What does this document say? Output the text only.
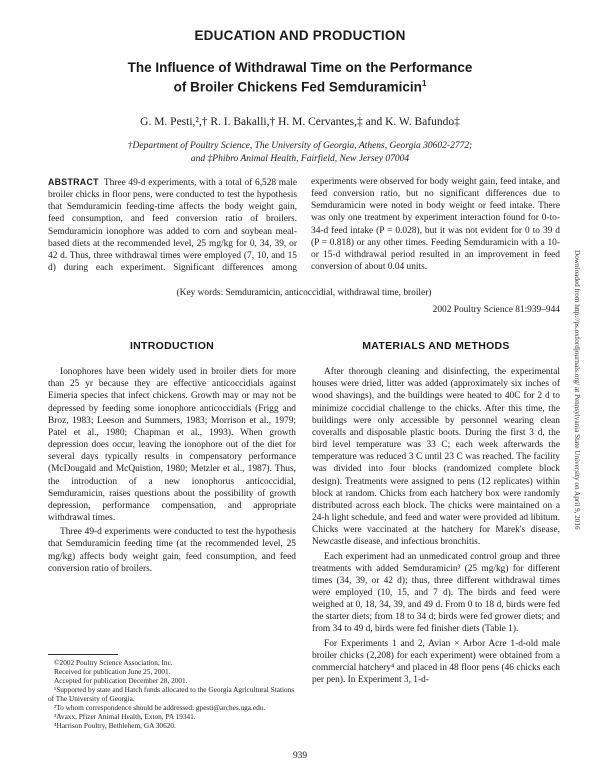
EDUCATION AND PRODUCTION
The Influence of Withdrawal Time on the Performance
of Broiler Chickens Fed Semduramicin$^1$
G. M. Pesti,²,† R. I. Bakalli,† H. M. Cervantes,‡ and K. W. Bafundo‡
†Department of Poultry Science, The University of Georgia, Athens, Georgia 30602-2772;
and ‡Phibro Animal Health, Fairfield, New Jersey 07004
ABSTRACT Three 49-d experiments, with a total of 6,528 male broiler chicks in floor pens, were conducted to test the hypothesis that Semduramicin feeding-time affects the body weight gain, feed consumption, and feed conversion ratio of broilers. Semduramicin ionophore was added to corn and soybean meal-based diets at the recommended level, 25 mg/kg for 0, 34, 39, or 42 d. Thus, three withdrawal times were employed (7, 10, and 15 d) during each experiment. Significant differences among experiments were observed for body weight gain, feed intake, and feed conversion ratio, but no significant differences due to Semduramicin were noted in body weight or feed intake. There was only one treatment by experiment interaction found for 0-to-34-d feed intake (P = 0.028), but it was not evident for 0 to 39 d (P = 0.818) or any other times. Feeding Semduramicin with a 10- or 15-d withdrawal period resulted in an improvement in feed conversion of about 0.04 units.
(Key words: Semduramicin, anticoccidial, withdrawal time, broiler)
2002 Poultry Science 81:939–944
INTRODUCTION

Ionophores have been widely used in broiler diets for more than 25 yr because they are effective anticoccidials against Eimeria species that infect chickens. Growth may or may not be depressed by feeding some ionophore anticoccidials (Frigg and Broz, 1983; Leeson and Summers, 1983; Morrison et al., 1979; Patel et al., 1980; Chapman et al., 1993). When growth depression does occur, leaving the ionophore out of the diet for several days typically results in compensatory performance (McDougald and McQuistion, 1980; Metzler et al., 1987). Thus, the introduction of a new ionophorus anticoccidial, Semduramicin, raises questions about the possibility of growth depression, performance compensation, and appropriate withdrawal times.

Three 49-d experiments were conducted to test the hypothesis that Semduramicin feeding time (at the recommended level, 25 mg/kg) affects body weight gain, feed consumption, and feed conversion ratio of broilers.

MATERIALS AND METHODS

After thorough cleaning and disinfecting, the experimental houses were dried, litter was added (approximately six inches of wood shavings), and the buildings were heated to 40C for 2 d to minimize coccidial challenge to the chicks. After this time, the buildings were only accessible by personnel wearing clean coveralls and disposable plastic boots. During the first 3 d, the bird level temperature was 33 C; each week afterwards the temperature was reduced 3 C until 23 C was reached. The facility was divided into four blocks (randomized complete block design). Treatments were assigned to pens (12 replicates) within block at random. Chicks from each hatchery box were randomly distributed across each block. The chicks were maintained on a 24-h light schedule, and feed and water were provided ad libitum. Chicks were vaccinated at the hatchery for Marek's disease, Newcastle disease, and infectious bronchitis.

Each experiment had an unmedicated control group and three treatments with added Semduramicin³ (25 mg/kg) for different times (34, 39, or 42 d); thus, three different withdrawal times were employed (10, 15, and 7 d). The birds and feed were weighed at 0, 18, 34, 39, and 49 d. From 0 to 18 d, birds were fed the starter diets; from 18 to 34 d; birds were fed grower diets; and from 34 to 49 d, birds were fed finisher diets (Table 1).

For Experiments 1 and 2, Avian × Arbor Acre 1-d-old male broiler chicks (2,208) for each experiment) were obtained from a commercial hatchery⁴ and placed in 48 floor pens (46 chicks each per pen). In Experiment 3, 1-d-

©2002 Poultry Science Association, Inc.
Received for publication June 25, 2001.
Accepted for publication December 28, 2001.
¹Supported by state and Hatch funds allocated to the Georgia Agricultural Stations of The University of Georgia.
²To whom correspondence should be addressed: gpesti@arches.uga.edu.
³Avaxx, Pfizer Animal Health, Exton, PA 19341.
⁴Harrison Poultry, Bethlehem, GA 30620.
939
Downloaded from http://ps.oxfordjournals.org/ at Pennsylvania State University on April 9, 2016
